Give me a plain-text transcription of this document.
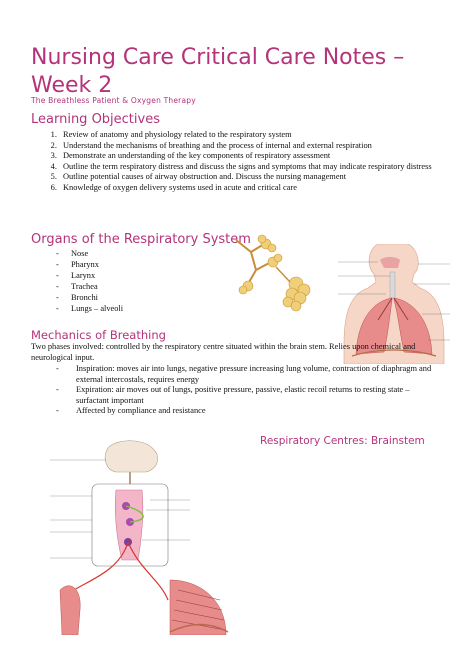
Nursing Care Critical Care Notes – Week 2
The Breathless Patient & Oxygen Therapy
Learning Objectives
1. Review of anatomy and physiology related to the respiratory system
2. Understand the mechanisms of breathing and the process of internal and external respiration
3. Demonstrate an understanding of the key components of respiratory assessment
4. Outline the term respiratory distress and discuss the signs and symptoms that may indicate respiratory distress
5. Outline potential causes of airway obstruction and. Discuss the nursing management
6. Knowledge of oxygen delivery systems used in acute and critical care
Organs of the Respiratory System
- Nose
- Pharynx
- Larynx
- Trachea
- Bronchi
- Lungs – alveoli
Mechanics of Breathing

Two phases involved: controlled by the respiratory centre situated within the brain stem. Relies upon chemical and neurological input.

- Inspiration: moves air into lungs, negative pressure increasing lung volume, contraction of diaphragm and external intercostals, requires energy
- Expiration: air moves out of lungs, positive pressure, passive, elastic recoil returns to resting state – surfactant important
- Affected by compliance and resistance
Respiratory Centres: Brainstem
